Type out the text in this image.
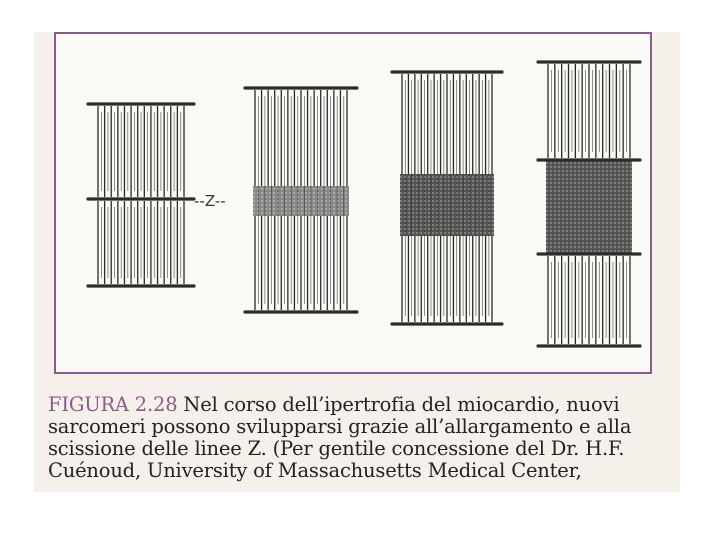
--Z--
FIGURA 2.28 Nel corso dell’ipertrofia del miocardio, nuovi
sarcomeri possono svilupparsi grazie all’allargamento e alla
scissione delle linee Z. (Per gentile concessione del Dr. H.F.
Cuénoud, University of Massachusetts Medical Center,
